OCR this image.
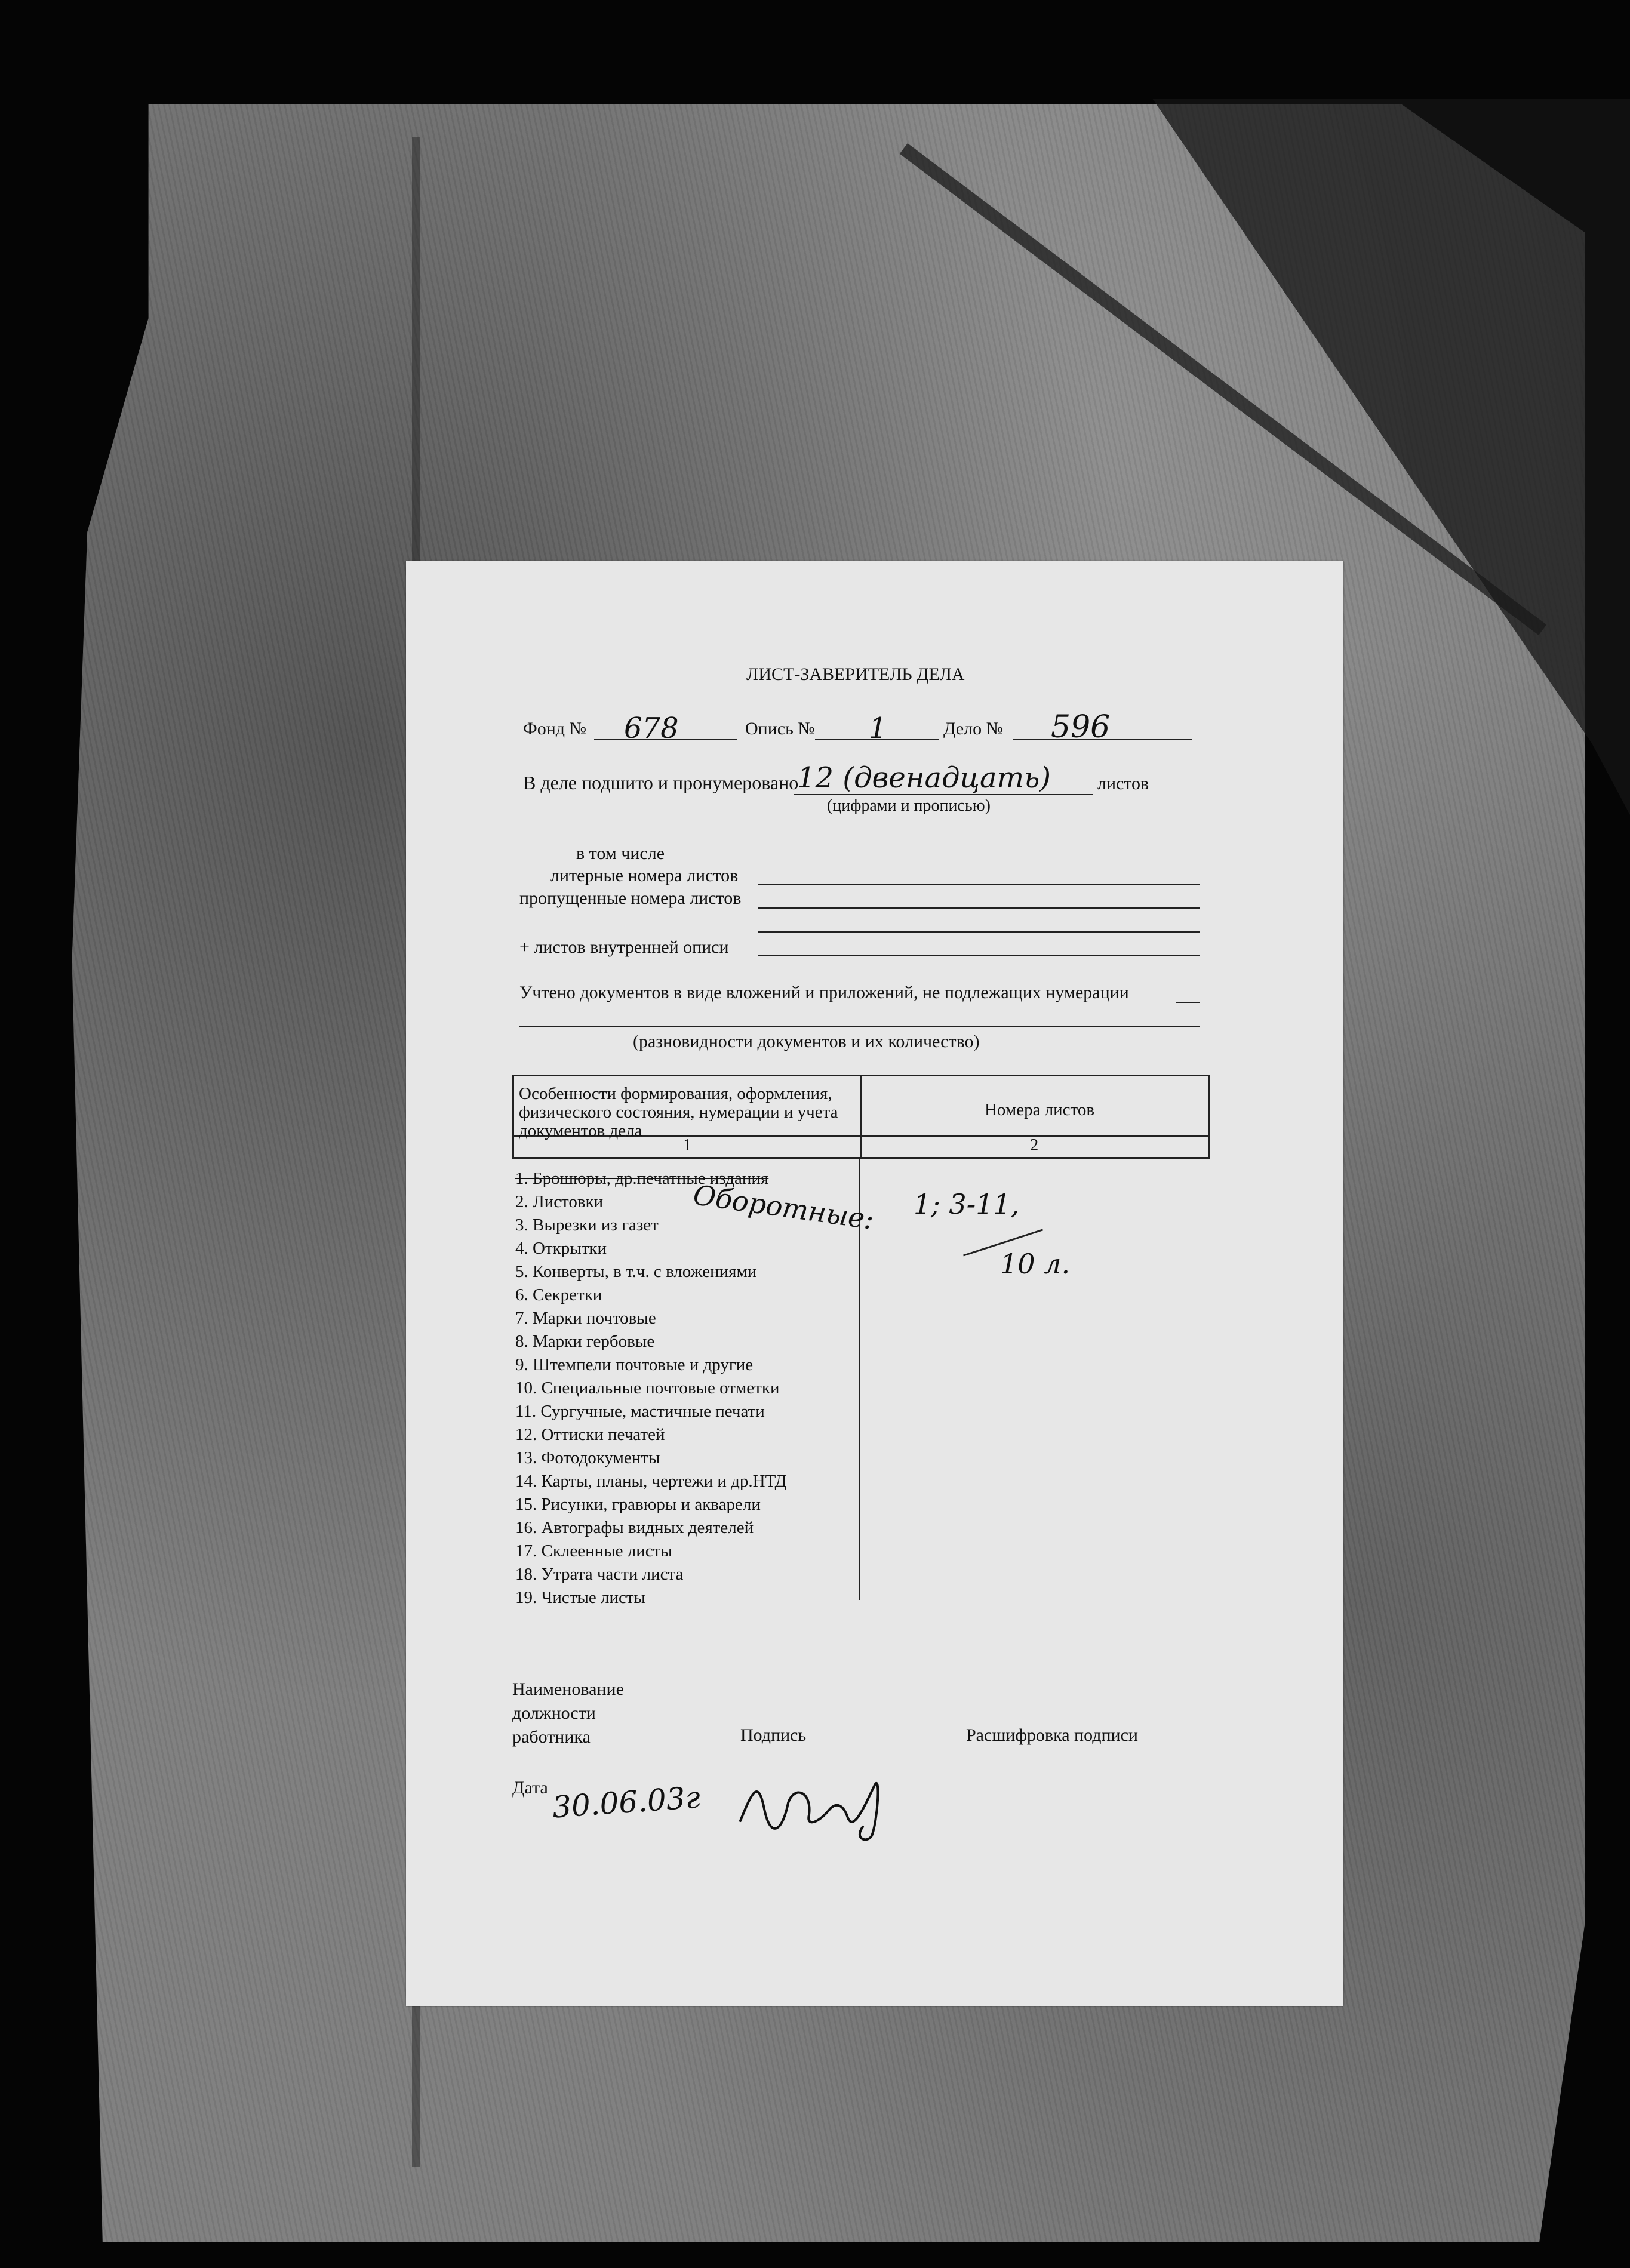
ЛИСТ-ЗАВЕРИТЕЛЬ ДЕЛА
Фонд № 678	Опись № 1	Дело № 596
В деле подшито и пронумеровано
12 (двенадцать)	листов
(цифрами и прописью)
в том числе
литерные номера листов
пропущенные номера листов
+ листов внутренней описи
Учтено документов в виде вложений и приложений, не подлежащих нумерации
(разновидности документов и их количество)
Особенности формирования, оформления, физического состояния, нумерации и учета документов дела
Номера листов
1	2
1. Брошюры, др.печатные издания
2. Листовки
3. Вырезки из газет
4. Открытки
5. Конверты, в т.ч. с вложениями
6. Секретки
7. Марки почтовые
8. Марки гербовые
9. Штемпели почтовые и другие
10. Специальные почтовые отметки
11. Сургучные, мастичные печати
12. Оттиски печатей
13. Фотодокументы
14. Карты, планы, чертежи и др.НТД
15. Рисунки, гравюры и акварели
16. Автографы видных деятелей
17. Склеенные листы
18. Утрата части листа
19. Чистые листы
Оборотные: 1; 3-11,
10 л.
Наименование должности работника	Подпись	Расшифровка подписи
Дата 30.06.03г
